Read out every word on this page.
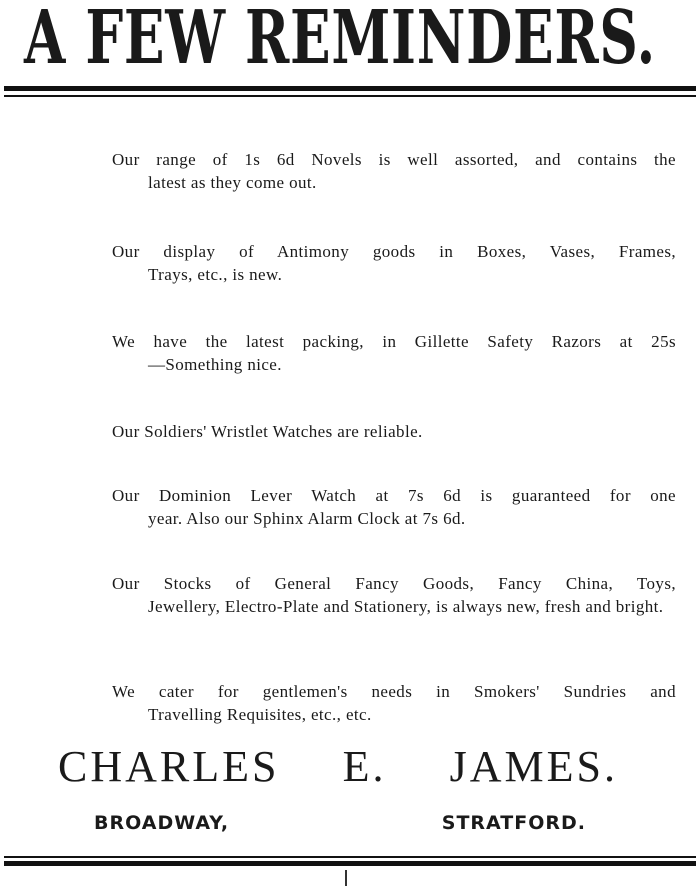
A FEW REMINDERS.
Our range of 1s 6d Novels is well assorted, and contains the
latest as they come out.
Our display of Antimony goods in Boxes, Vases, Frames,
Trays, etc., is new.
We have the latest packing, in Gillette Safety Razors at 25s
—Something nice.
Our Soldiers' Wristlet Watches are reliable.
Our Dominion Lever Watch at 7s 6d is guaranteed for one
year. Also our Sphinx Alarm Clock at 7s 6d.
Our Stocks of General Fancy Goods, Fancy China, Toys,
Jewellery, Electro-Plate and Stationery, is always new, fresh and bright.
We cater for gentlemen's needs in Smokers' Sundries and
Travelling Requisites, etc., etc.
CHARLES E. JAMES.
BROADWAY,	STRATFORD.
